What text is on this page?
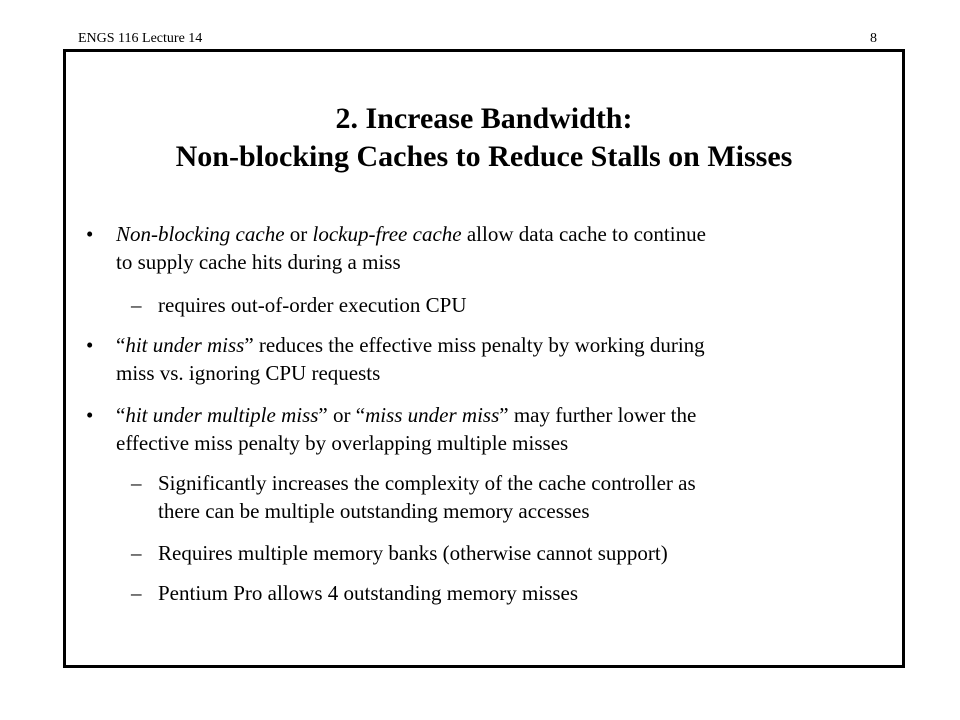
ENGS 116 Lecture 14	8
2. Increase Bandwidth:
Non-blocking Caches to Reduce Stalls on Misses
• Non-blocking cache or lockup-free cache allow data cache to continue
to supply cache hits during a miss
– requires out-of-order execution CPU
• “hit under miss” reduces the effective miss penalty by working during
miss vs. ignoring CPU requests
• “hit under multiple miss” or “miss under miss” may further lower the
effective miss penalty by overlapping multiple misses
– Significantly increases the complexity of the cache controller as
there can be multiple outstanding memory accesses
– Requires multiple memory banks (otherwise cannot support)
– Pentium Pro allows 4 outstanding memory misses
